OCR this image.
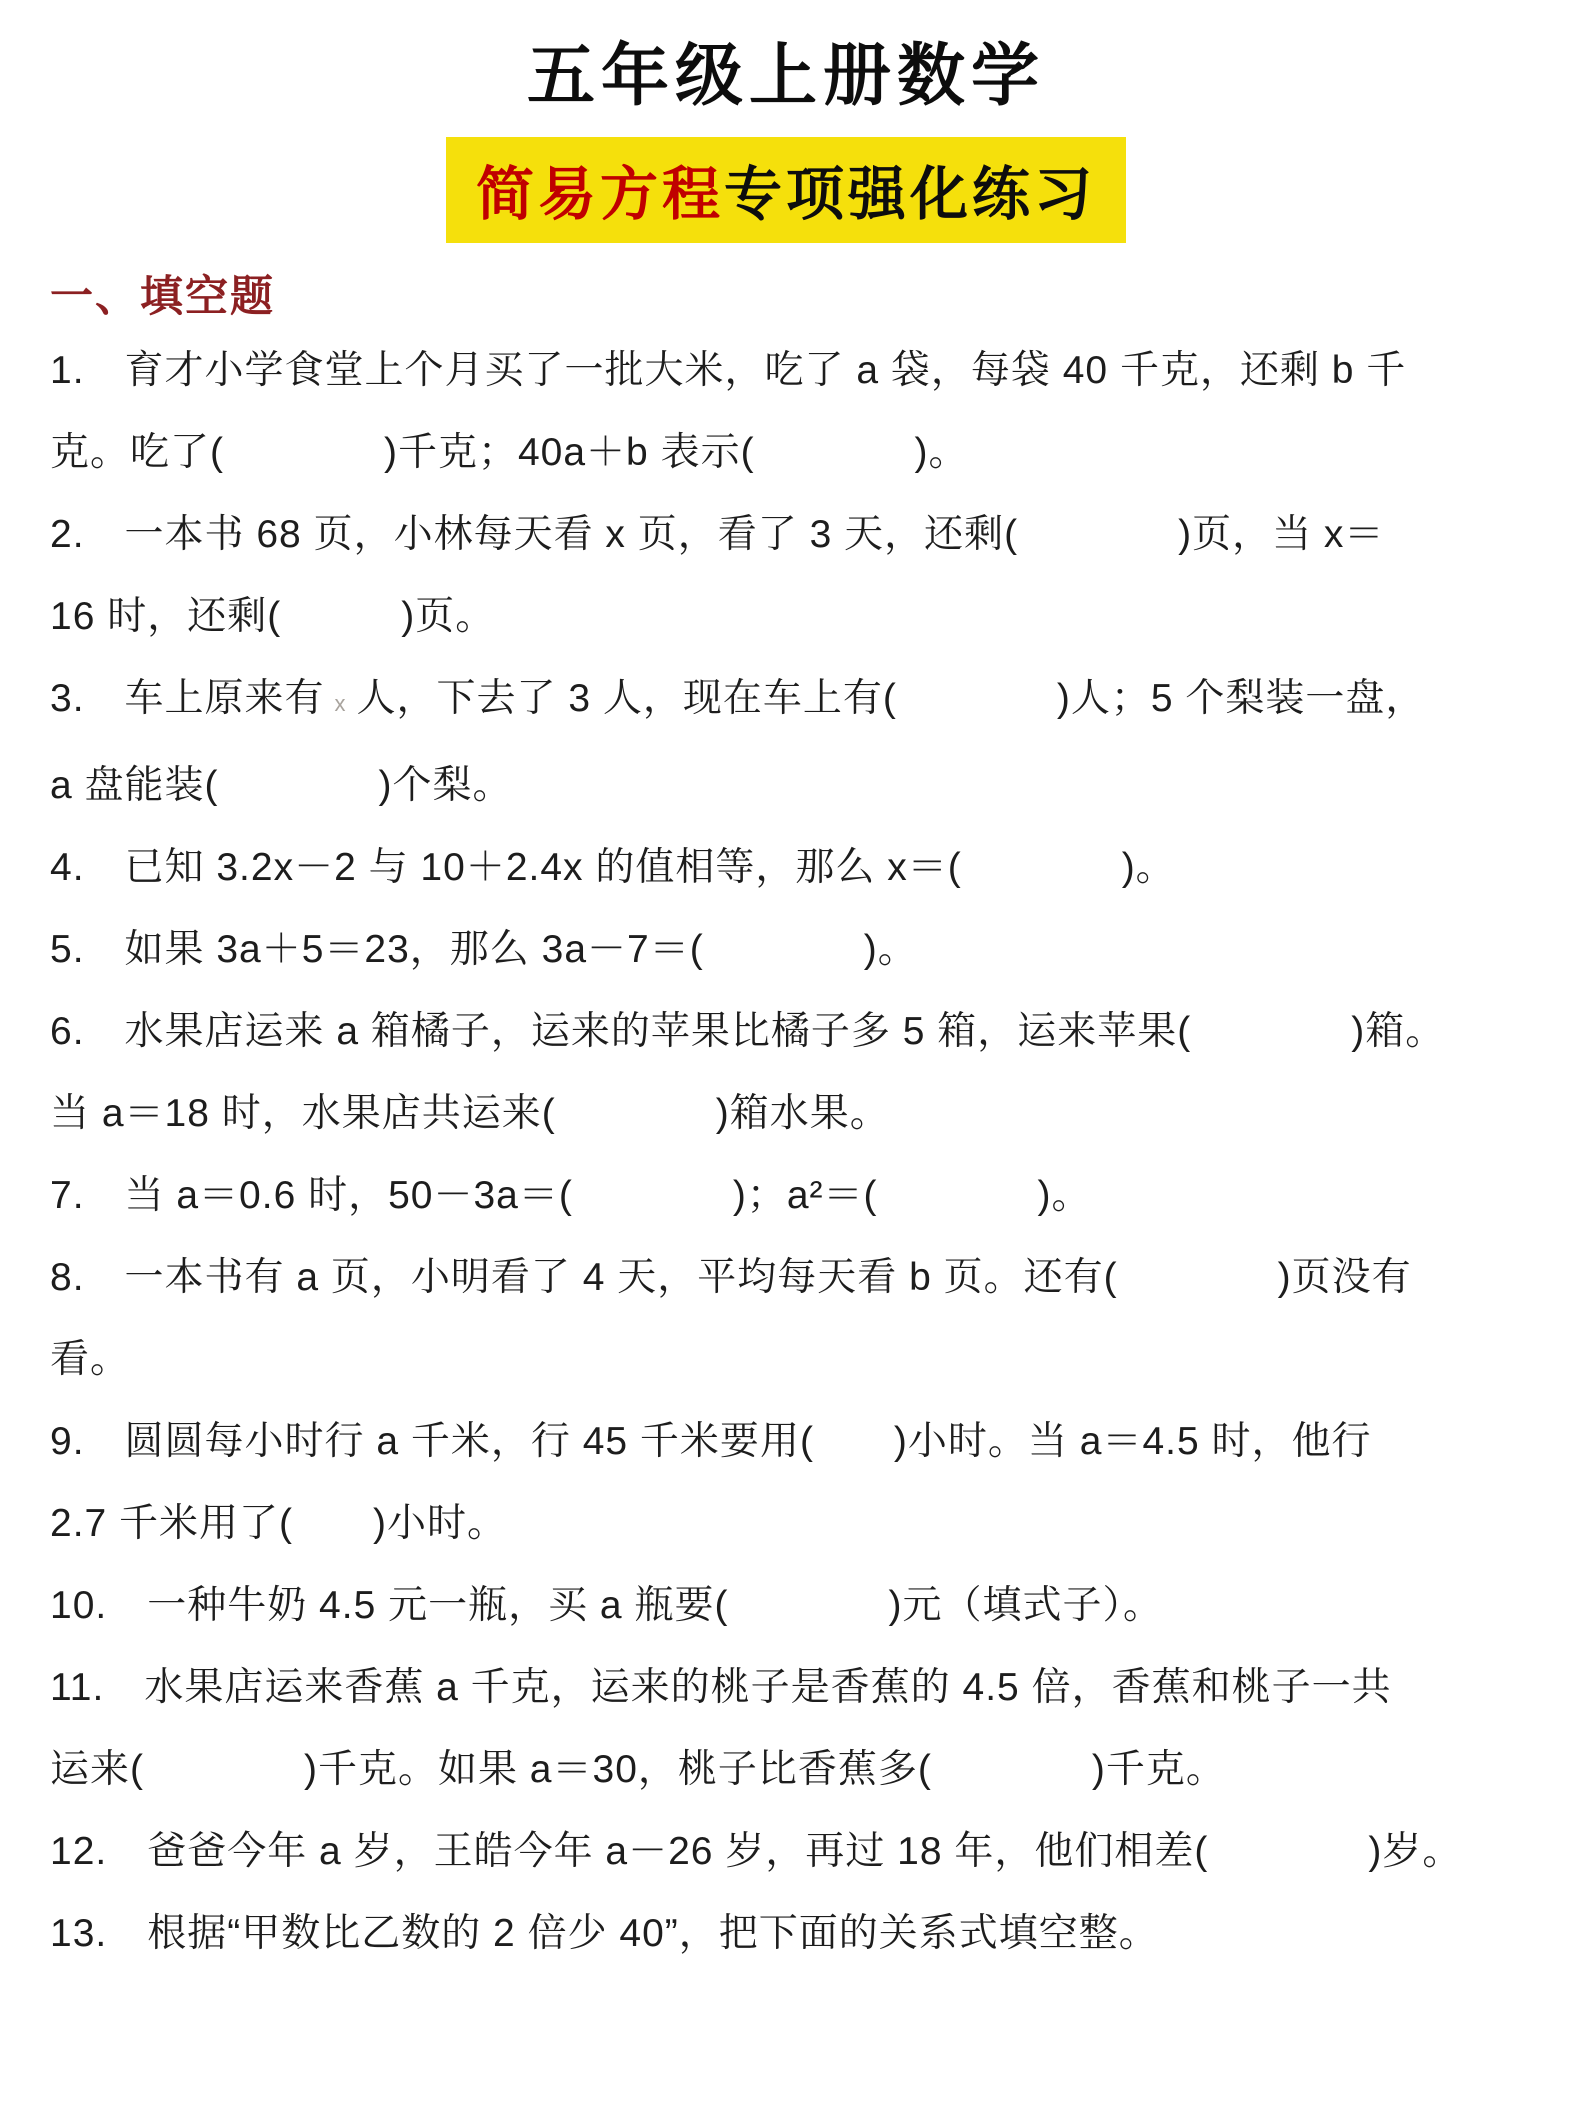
五年级上册数学
简易方程专项强化练习
一、填空题
1.　育才小学食堂上个月买了一批大米，吃了 a 袋，每袋 40 千克，还剩 b 千
克。吃了(　　　　)千克；40a＋b 表示(　　　　)。
2.　一本书 68 页，小林每天看 x 页，看了 3 天，还剩(　　　　)页，当 x＝
16 时，还剩(　　　)页。
3.　车上原来有 x 人，下去了 3 人，现在车上有(　　　　)人；5 个梨装一盘，
a 盘能装(　　　　)个梨。
4.　已知 3.2x－2 与 10＋2.4x 的值相等，那么 x＝(　　　　)。
5.　如果 3a＋5＝23，那么 3a－7＝(　　　　)。
6.　水果店运来 a 箱橘子，运来的苹果比橘子多 5 箱，运来苹果(　　　　)箱。
当 a＝18 时，水果店共运来(　　　　)箱水果。
7.　当 a＝0.6 时，50－3a＝(　　　　)；a²＝(　　　　)。
8.　一本书有 a 页，小明看了 4 天，平均每天看 b 页。还有(　　　　)页没有
看。
9.　圆圆每小时行 a 千米，行 45 千米要用(　　)小时。当 a＝4.5 时，他行
2.7 千米用了(　　)小时。
10.　一种牛奶 4.5 元一瓶，买 a 瓶要(　　　　)元（填式子）。
11.　水果店运来香蕉 a 千克，运来的桃子是香蕉的 4.5 倍，香蕉和桃子一共
运来(　　　　)千克。如果 a＝30，桃子比香蕉多(　　　　)千克。
12.　爸爸今年 a 岁，王皓今年 a－26 岁，再过 18 年，他们相差(　　　　)岁。
13.　根据“甲数比乙数的 2 倍少 40”，把下面的关系式填空整。
